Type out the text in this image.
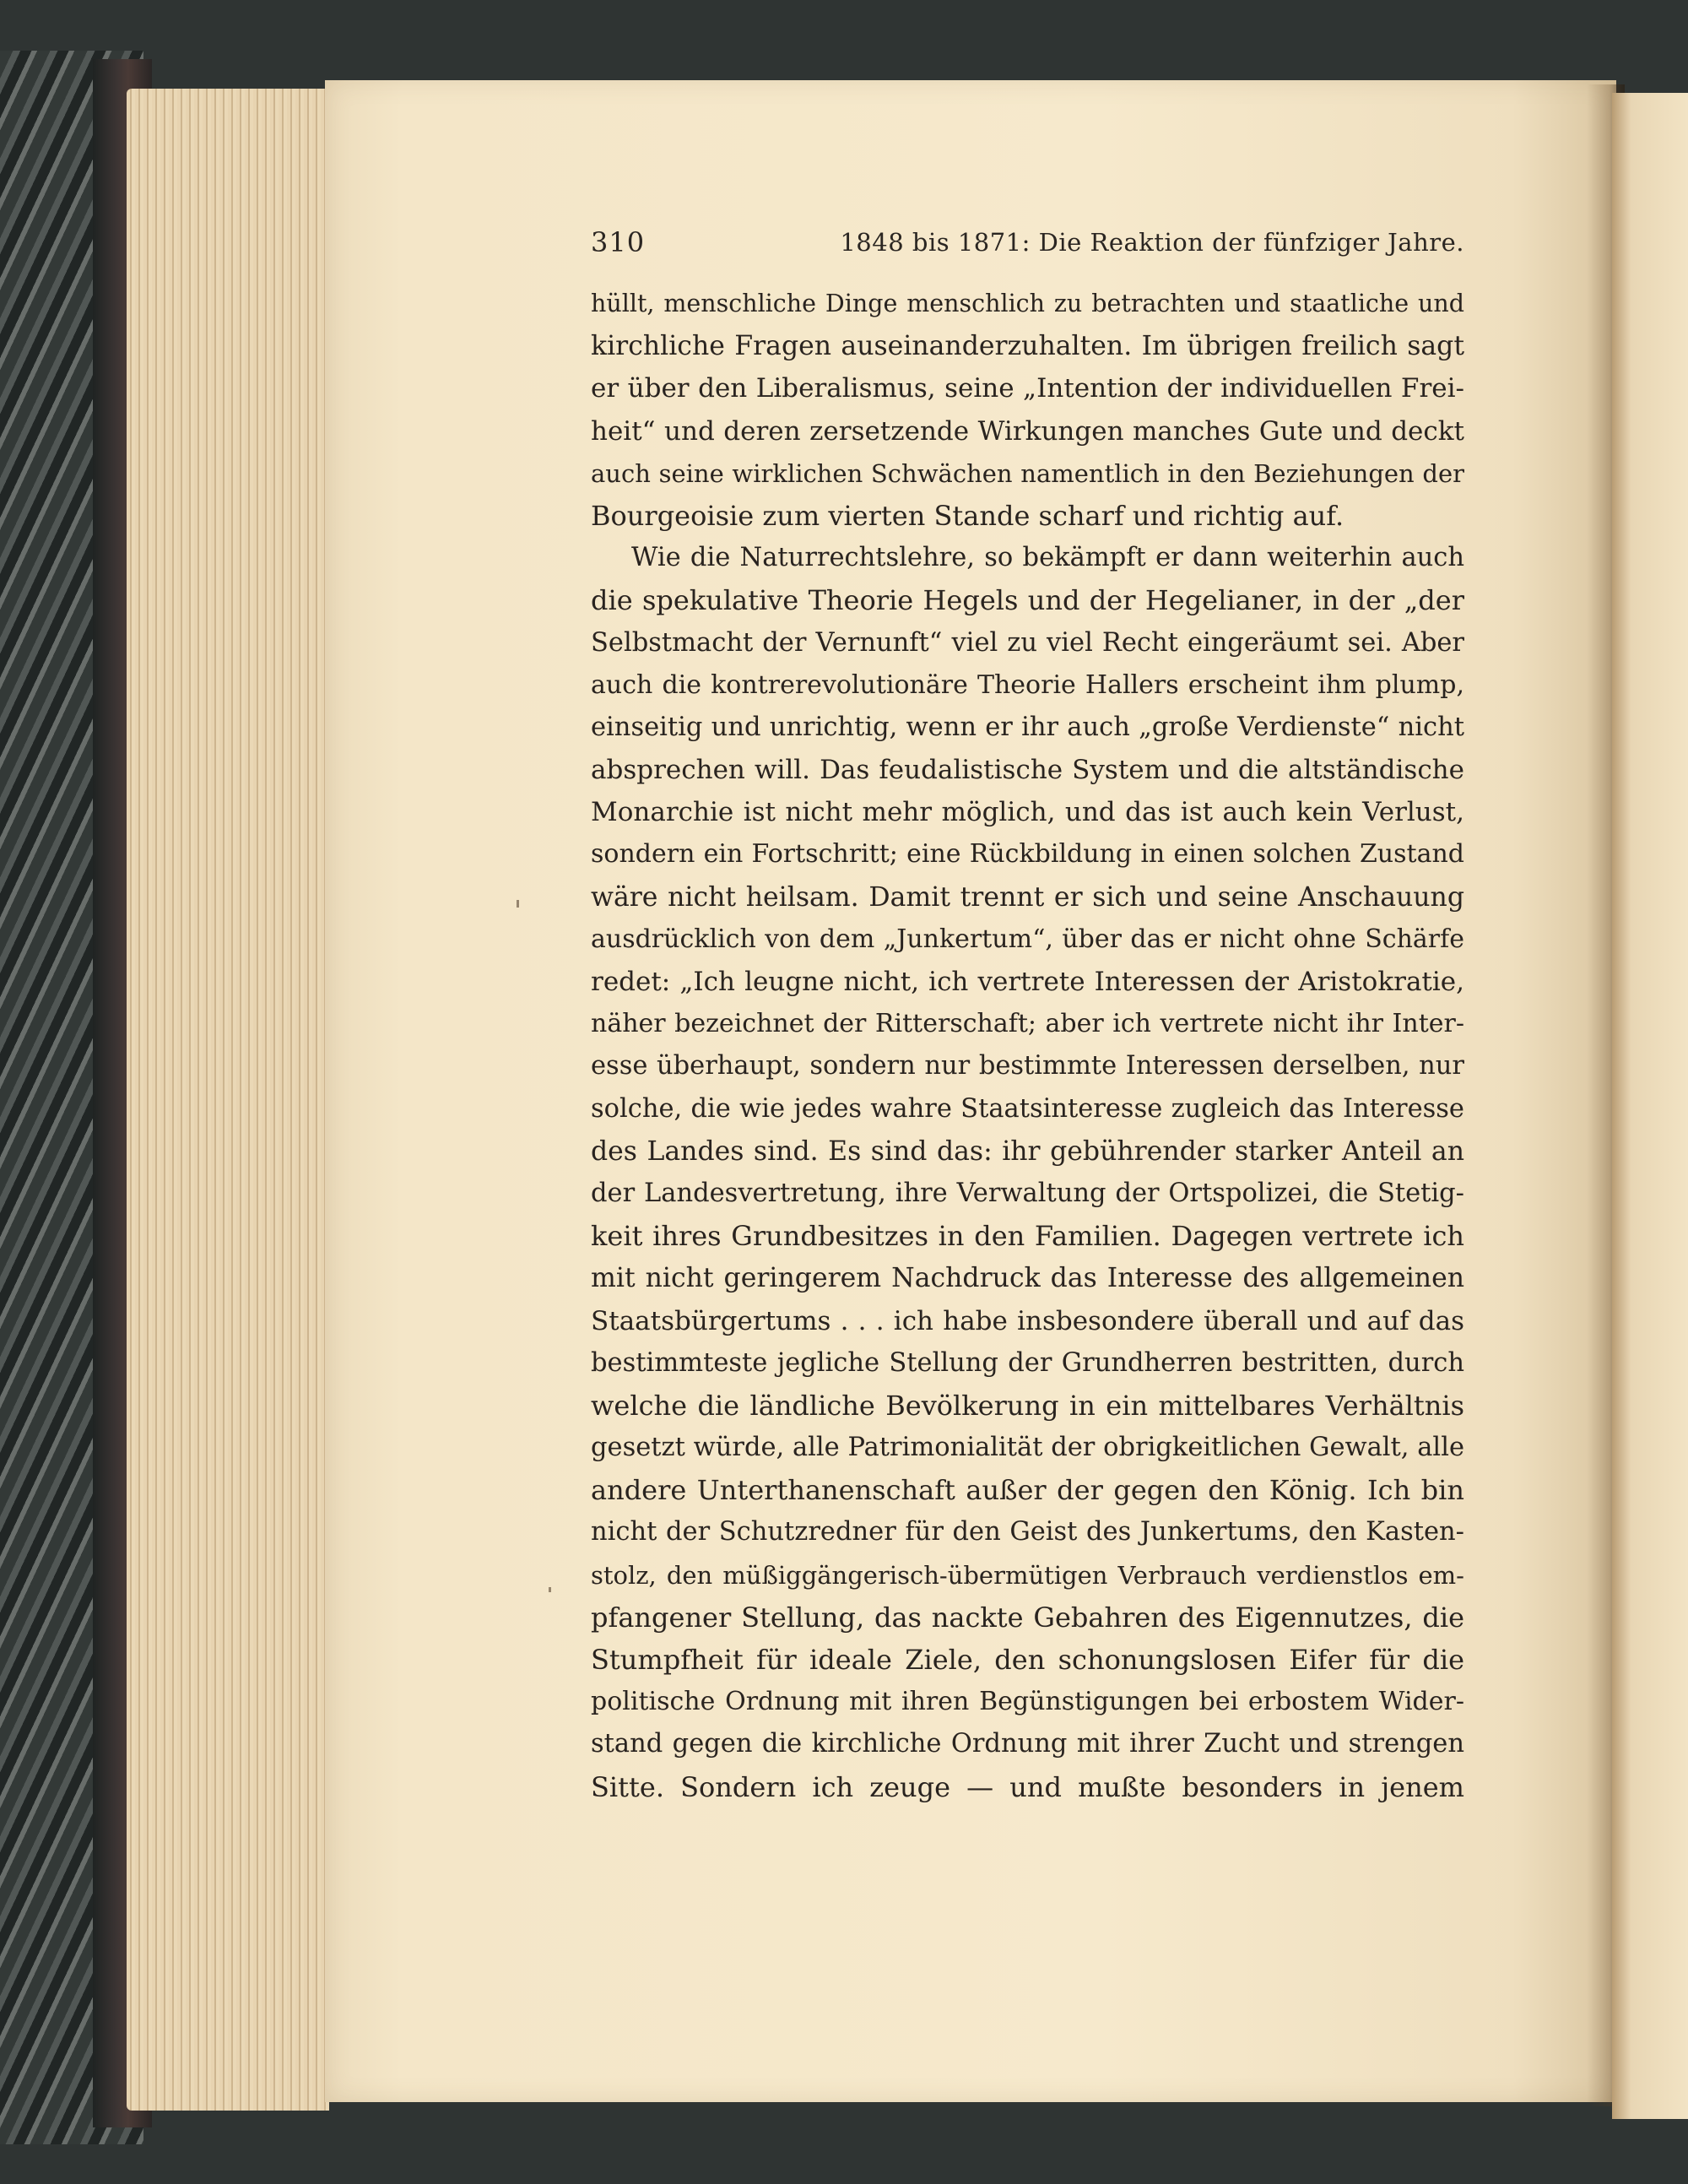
310	1848 bis 1871: Die Reaktion der fünfziger Jahre.
hüllt, menschliche Dinge menschlich zu betrachten und staatliche und
kirchliche Fragen auseinanderzuhalten. Im übrigen freilich sagt
er über den Liberalismus, seine „Intention der individuellen Frei-
heit“ und deren zersetzende Wirkungen manches Gute und deckt
auch seine wirklichen Schwächen namentlich in den Beziehungen der
Bourgeoisie zum vierten Stande scharf und richtig auf.
Wie die Naturrechtslehre, so bekämpft er dann weiterhin auch
die spekulative Theorie Hegels und der Hegelianer, in der „der
Selbstmacht der Vernunft“ viel zu viel Recht eingeräumt sei. Aber
auch die kontrerevolutionäre Theorie Hallers erscheint ihm plump,
einseitig und unrichtig, wenn er ihr auch „große Verdienste“ nicht
absprechen will. Das feudalistische System und die altständische
Monarchie ist nicht mehr möglich, und das ist auch kein Verlust,
sondern ein Fortschritt; eine Rückbildung in einen solchen Zustand
wäre nicht heilsam. Damit trennt er sich und seine Anschauung
ausdrücklich von dem „Junkertum“, über das er nicht ohne Schärfe
redet: „Ich leugne nicht, ich vertrete Interessen der Aristokratie,
näher bezeichnet der Ritterschaft; aber ich vertrete nicht ihr Inter-
esse überhaupt, sondern nur bestimmte Interessen derselben, nur
solche, die wie jedes wahre Staatsinteresse zugleich das Interesse
des Landes sind. Es sind das: ihr gebührender starker Anteil an
der Landesvertretung, ihre Verwaltung der Ortspolizei, die Stetig-
keit ihres Grundbesitzes in den Familien. Dagegen vertrete ich
mit nicht geringerem Nachdruck das Interesse des allgemeinen
Staatsbürgertums . . . ich habe insbesondere überall und auf das
bestimmteste jegliche Stellung der Grundherren bestritten, durch
welche die ländliche Bevölkerung in ein mittelbares Verhältnis
gesetzt würde, alle Patrimonialität der obrigkeitlichen Gewalt, alle
andere Unterthanenschaft außer der gegen den König. Ich bin
nicht der Schutzredner für den Geist des Junkertums, den Kasten-
stolz, den müßiggängerisch-übermütigen Verbrauch verdienstlos em-
pfangener Stellung, das nackte Gebahren des Eigennutzes, die
Stumpfheit für ideale Ziele, den schonungslosen Eifer für die
politische Ordnung mit ihren Begünstigungen bei erbostem Wider-
stand gegen die kirchliche Ordnung mit ihrer Zucht und strengen
Sitte. Sondern ich zeuge — und mußte besonders in jenem
